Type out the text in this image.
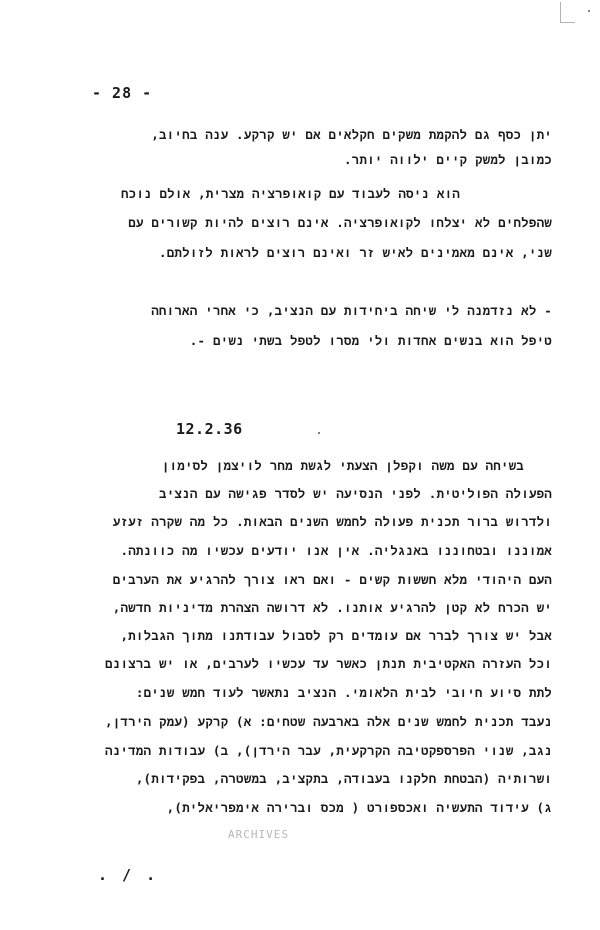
- 28 -
יתן כסף גם להקמת משקים חקלאים אם יש קרקע. ענה בחיוב,
כמובן למשק קיים ילווה יותר.
הוא ניסה לעבוד עם קואופרציה מצרית, אולם נוכח
שהפלחים לא יצלחו לקואופרציה. אינם רוצים להיות קשורים עם
שני, אינם מאמינים לאיש זר ואינם רוצים לראות לזולתם.
- לא נזדמנה לי שיחה ביחידות עם הנציב, כי אחרי הארוחה
טיפל הוא בנשים אחדות ולי מסרו לטפל בשתי נשים -.
12.2.36
בשיחה עם משה וקפלן הצעתי לגשת מחר לויצמן לסימון
הפעולה הפוליטית. לפני הנסיעה יש לסדר פגישה עם הנציב
ולדרוש ברור תכנית פעולה לחמש השנים הבאות. כל מה שקרה זעזע
אמוננו ובטחוננו באנגליה. אין אנו יודעים עכשיו מה כוונתה.
העם היהודי מלא חששות קשים - ואם ראו צורך להרגיע את הערבים
יש הכרח לא קטן להרגיע אותנו. לא דרושה הצהרת מדיניות חדשה,
אבל יש צורך לברר אם עומדים רק לסבול עבודתנו מתוך הגבלות,
וכל העזרה האקטיבית תנתן כאשר עד עכשיו לערבים, או יש ברצונם
לתת סיוע חיובי לבית הלאומי. הנציב נתאשר לעוד חמש שנים:
נעבד תכנית לחמש שנים אלה בארבעה שטחים: א) קרקע (עמק הירדן,
נגב, שנוי הפרספקטיבה הקרקעית, עבר הירדן), ב) עבודות המדינה
ושרותיה (הבטחת חלקנו בעבודה, בתקציב, במשטרה, בפקידות),
ג) עידוד התעשיה ואכספורט ( מכס וברירה אימפריאלית),
ARCHIVES
. / .
